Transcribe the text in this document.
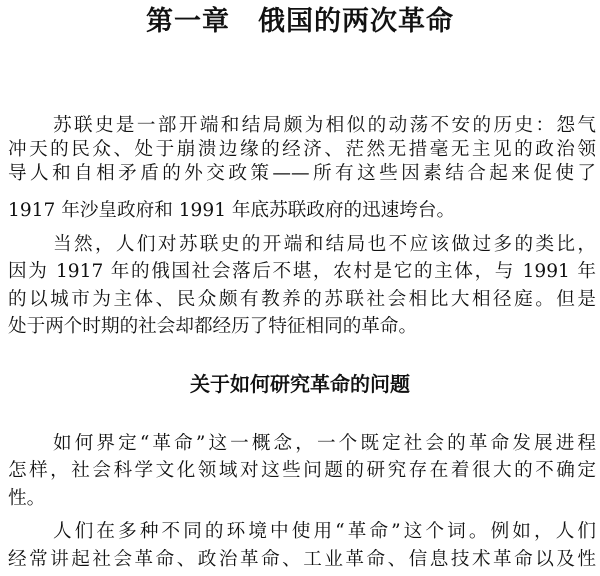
第一章　俄国的两次革命
苏联史是一部开端和结局颇为相似的动荡不安的历史：怨气
冲天的民众、处于崩溃边缘的经济、茫然无措毫无主见的政治领
导人和自相矛盾的外交政策——所有这些因素结合起来促使了
1917 年沙皇政府和 1991 年底苏联政府的迅速垮台。
当然，人们对苏联史的开端和结局也不应该做过多的类比，
因为 1917 年的俄国社会落后不堪，农村是它的主体，与 1991 年
的以城市为主体、民众颇有教养的苏联社会相比大相径庭。但是
处于两个时期的社会却都经历了特征相同的革命。
关于如何研究革命的问题
如何界定“革命”这一概念，一个既定社会的革命发展进程
怎样，社会科学文化领域对这些问题的研究存在着很大的不确定
性。
人们在多种不同的环境中使用“革命”这个词。例如，人们
经常讲起社会革命、政治革命、工业革命、信息技术革命以及性
